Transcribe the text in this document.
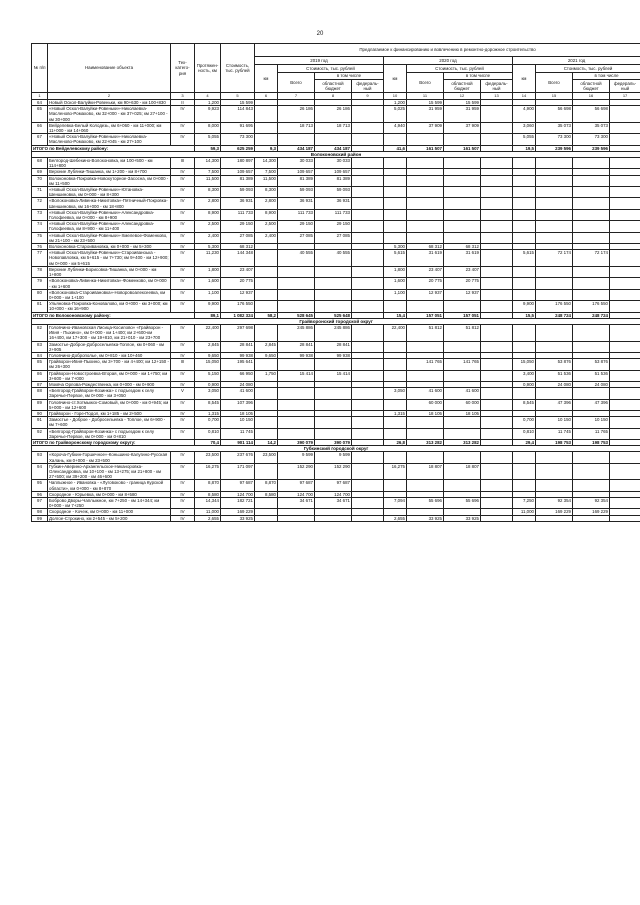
20
№ п/п	Наименование объекта	Тех- катего- рия	Протяжен- ность, км	Стоимость, тыс. рублей	Предлагаемое к финансированию и вовлечению в ремонтно-дорожное строительство											
					2019 год				2020 год				2021 год			
					км	Стоимость, тыс. рублей			км	Стоимость, тыс. рублей			км	Стоимость, тыс. рублей		
						Всего	в том числе			Всего	в том числе			Всего	в том числе	
							областной бюджет	федераль- ный			областной бюджет	федераль- ный			областной бюджет	федераль- ный
1	2	3	4	5	6	7	8	9	10	11	12	13	14	15	16	17
64	Новый Оскол-Валуйки-Ровеньки, км 90+630 - км 100+830	II	1,200	15 599					1,200	15 599	15 599					
65	«Новый Оскол-Валуйки-Ровеньки»-Николаевка-Масленово-Ромахово, км 32+000 - км 37+025; км 27+100 - км 30+000	IV	9,923	114 843		26 186	26 186		5,025	31 959	31 959		4,900	56 698	56 698	
66	Вейделевка-Белый Колодезь, км 6+060 - км 11+000; км 11+000 - км 14+060	IV	8,000	91 695		18 713	18 713		4,940	37 909	37 909		3,060	35 073	35 073	
67	«Новый Оскол-Валуйки-Ровеньки»-Николаевка-Масленово-Ромахово, км 22+045 - км 27+100	IV	5,055	73 300									5,055	73 300	73 300	
ИТОГО по Вейделевскому району:			59,3	625 259	9,3	434 187	434 187		41,6	161 507	161 507		19,5	239 596	239 596	
Волоконовский район																
68	Белгород-Шебекино-Волоконовка, км 100+500 - км 114+800	III	14,300	180 897	14,300	30 033	30 033									
69	Верхние Лубянки-Тишанка, км 1+200 - км 8+700	IV	7,500	109 657	7,500	109 657	109 657									
70	Волоконовка-Покровка-Новохуторное-Засосна, км 0+000 - км 11+500	IV	11,500	81 389	11,500	81 389	81 389									
71	«Новый Оскол-Валуйки-Ровеньки»-Ютановка-Шеншиновка, км 0+000 - км 8+300	IV	8,300	59 093	8,300	59 093	59 093									
72	«Волоконовка-Ливенка-Никитовка»-Пятничный-Покровка-Шеншиновка, км 16+000 - км 18+800	IV	2,800	36 931	2,800	36 931	36 931									
73	«Новый Оскол-Валуйки-Ровеньки»-Александровка-Голофеевка, км 0+000 - км 8+900	IV	8,900	111 733	8,900	111 733	111 733									
74	«Новый Оскол-Валуйки-Ровеньки»-Александровка-Голофеевка, км 8+900 - км 11+400	IV	2,500	29 150	2,500	29 150	29 150									
75	«Новый Оскол-Валуйки-Ровеньки»-Хмелевое-Фоменково, км 21+100 - км 23+500	IV	2,400	27 085	2,400	27 085	27 085									
76	Волоконовка-Староивановка, км 0+000 - км 5+300	IV	5,300	68 312					5,300	68 312	68 312					
77	«Новый Оскол-Валуйки-Ровеньки»-Староиваноька - Новопавловка, км 5+615 - км 7+730; км 9+400 - км 12+900; км 0+000 - км 5+615	IV	11,230	144 348		40 555	40 555		5,615	31 619	31 619		5,615	72 174	72 174	
78	Верхние Лубянки-Борисовка-Тишанка, км 0+000 - км 1+800	IV	1,800	23 407					1,800	23 407	23 407					
79	«Волоконовка-Ливенка-Никитовка»-Фоменково, км 0+000 - км 1+600	IV	1,600	20 775					1,600	20 775	20 775					
80	«Волоконовка-Староивановка»-Новоровоалексеевка, км 0+000 - км 1+100	IV	1,100	12 937					1,100	12 937	12 937					
81	Ульяновка-Покровка-Коновалово, км 0+000 - км 3+000; км 10+000 - км 16+900	IV	9,900	176 550									9,900	176 550	176 550	
ИТОГО по Волоконовскому району:			89,1	1 082 324	58,2	528 645	525 648		15,4	157 051	157 051		15,5	248 724	248 724	
Грайворонский городской округ																
82	Головчино-Ивановская Лисица-Косилово» «Грайворон - Ивня - Пыхино», км 0+000 - км 1+400; км 2+600-км 16+400, км 17+300 - км 19+810, км 21+010 - км 23+700	IV	22,400	297 698		245 886	245 886		22,400	51 812	51 812					
83	Замостье-Доброе-Добросельевка-Топлое, км 0+060 - км 2+905	IV	2,845	28 841	2,845	28 841	28 841									
84	Головчино-Доброполье, км 0+810 - км 10+460	IV	9,650	99 938	9,650	99 938	99 938									
85	Грайворон-Ивня-Пыхино, км 3+700 - км 4+400; км 12+150 - км 26+300	III	15,050	195 641						141 765	141 765		15,050	53 876	53 876	
86	Грайворон-Новостроевка-Вторая, км 0+000 - км 1+750; км 3+600 - км 7+000	IV	5,150	66 950	1,750	15 414	15 414						3,400	51 536	51 536	
87	Моквча Орлова-Рождественка, км 0+000 - км 0+900	IV	0,900	24 080									0,900	24 080	24 080	
88	«Белгород-Грайворон-Козинка» с подъездом к селу Заречье-Первое, км 0+000 - км 3+050	V	3,050	41 600					3,050	41 600	41 600					
89	Головчино-ст.Хотмыжск-Сомовый, км 0+000 - км 0+945; км 5+000 - км 12+600	IV	8,545	107 396						60 000	60 000		8,545	47 396	47 396	
90	Грайворон - Горе-Подол, км 1+185 - км 2+500	IV	1,315	18 105					1,315	18 105	18 105					
91	Замостье - Доброе - Добросельевка - Топлое, км 6+900 - км 7+600	IV	0,700	10 150									0,700	10 150	10 150	
92	«Белгород-Грайворон-Козинка» с подъездом к селу Заречье-Первое, км 0+000 - км 0+810	IV	0,810	11 745									0,810	11 745	11 765	
ИТОГО по Грайворонскому городскому округу:			70,4	901 114	14,2	390 079	390 079		26,8	313 282	313 282		29,4	198 753	198 753	
Губкинский городской округ																
93	«Короча-Губкин-Горшечное»-Коньшино-Калугино-Русская Халань, км 0+000 - км 23+500	IV	23,500	237 676	23,500	9 599	9 599									
94	Губкин-Аверино-Архангельское-Никаноровка-Олександровка, км 10+100 - км 13+275; км 21+800 - км 27+500; км 39+200 - км 46+600	IV	16,275	171 097		152 290	152 290		16,275	18 807	18 807					
95	Чаплыжное - Ивановка - «Луговоково - граница Курской области», км 0+000 - км 8+870	IV	8,870	97 687	8,870	97 687	97 687									
96	Скородное - Юрьевка, км 0+000 - км 8+580	IV	8,580	124 700	8,580	124 700	124 700									
97	Боброво Дворы-Чаплыжное, км 7+250 - км 14+344; км 0+000 - км 7+250	IV	14,344	182 721		34 671	34 671		7,094	55 696	55 696		7,250	92 354	92 354	
98	Скородное - Кочеж, км 0+000 - км 11+000	IV	11,000	169 229									11,000	169 229	169 229	
99	Долгое-Строкино, км 2+545 - км 5+200	IV	2,655	33 925					2,655	33 925	33 925					
